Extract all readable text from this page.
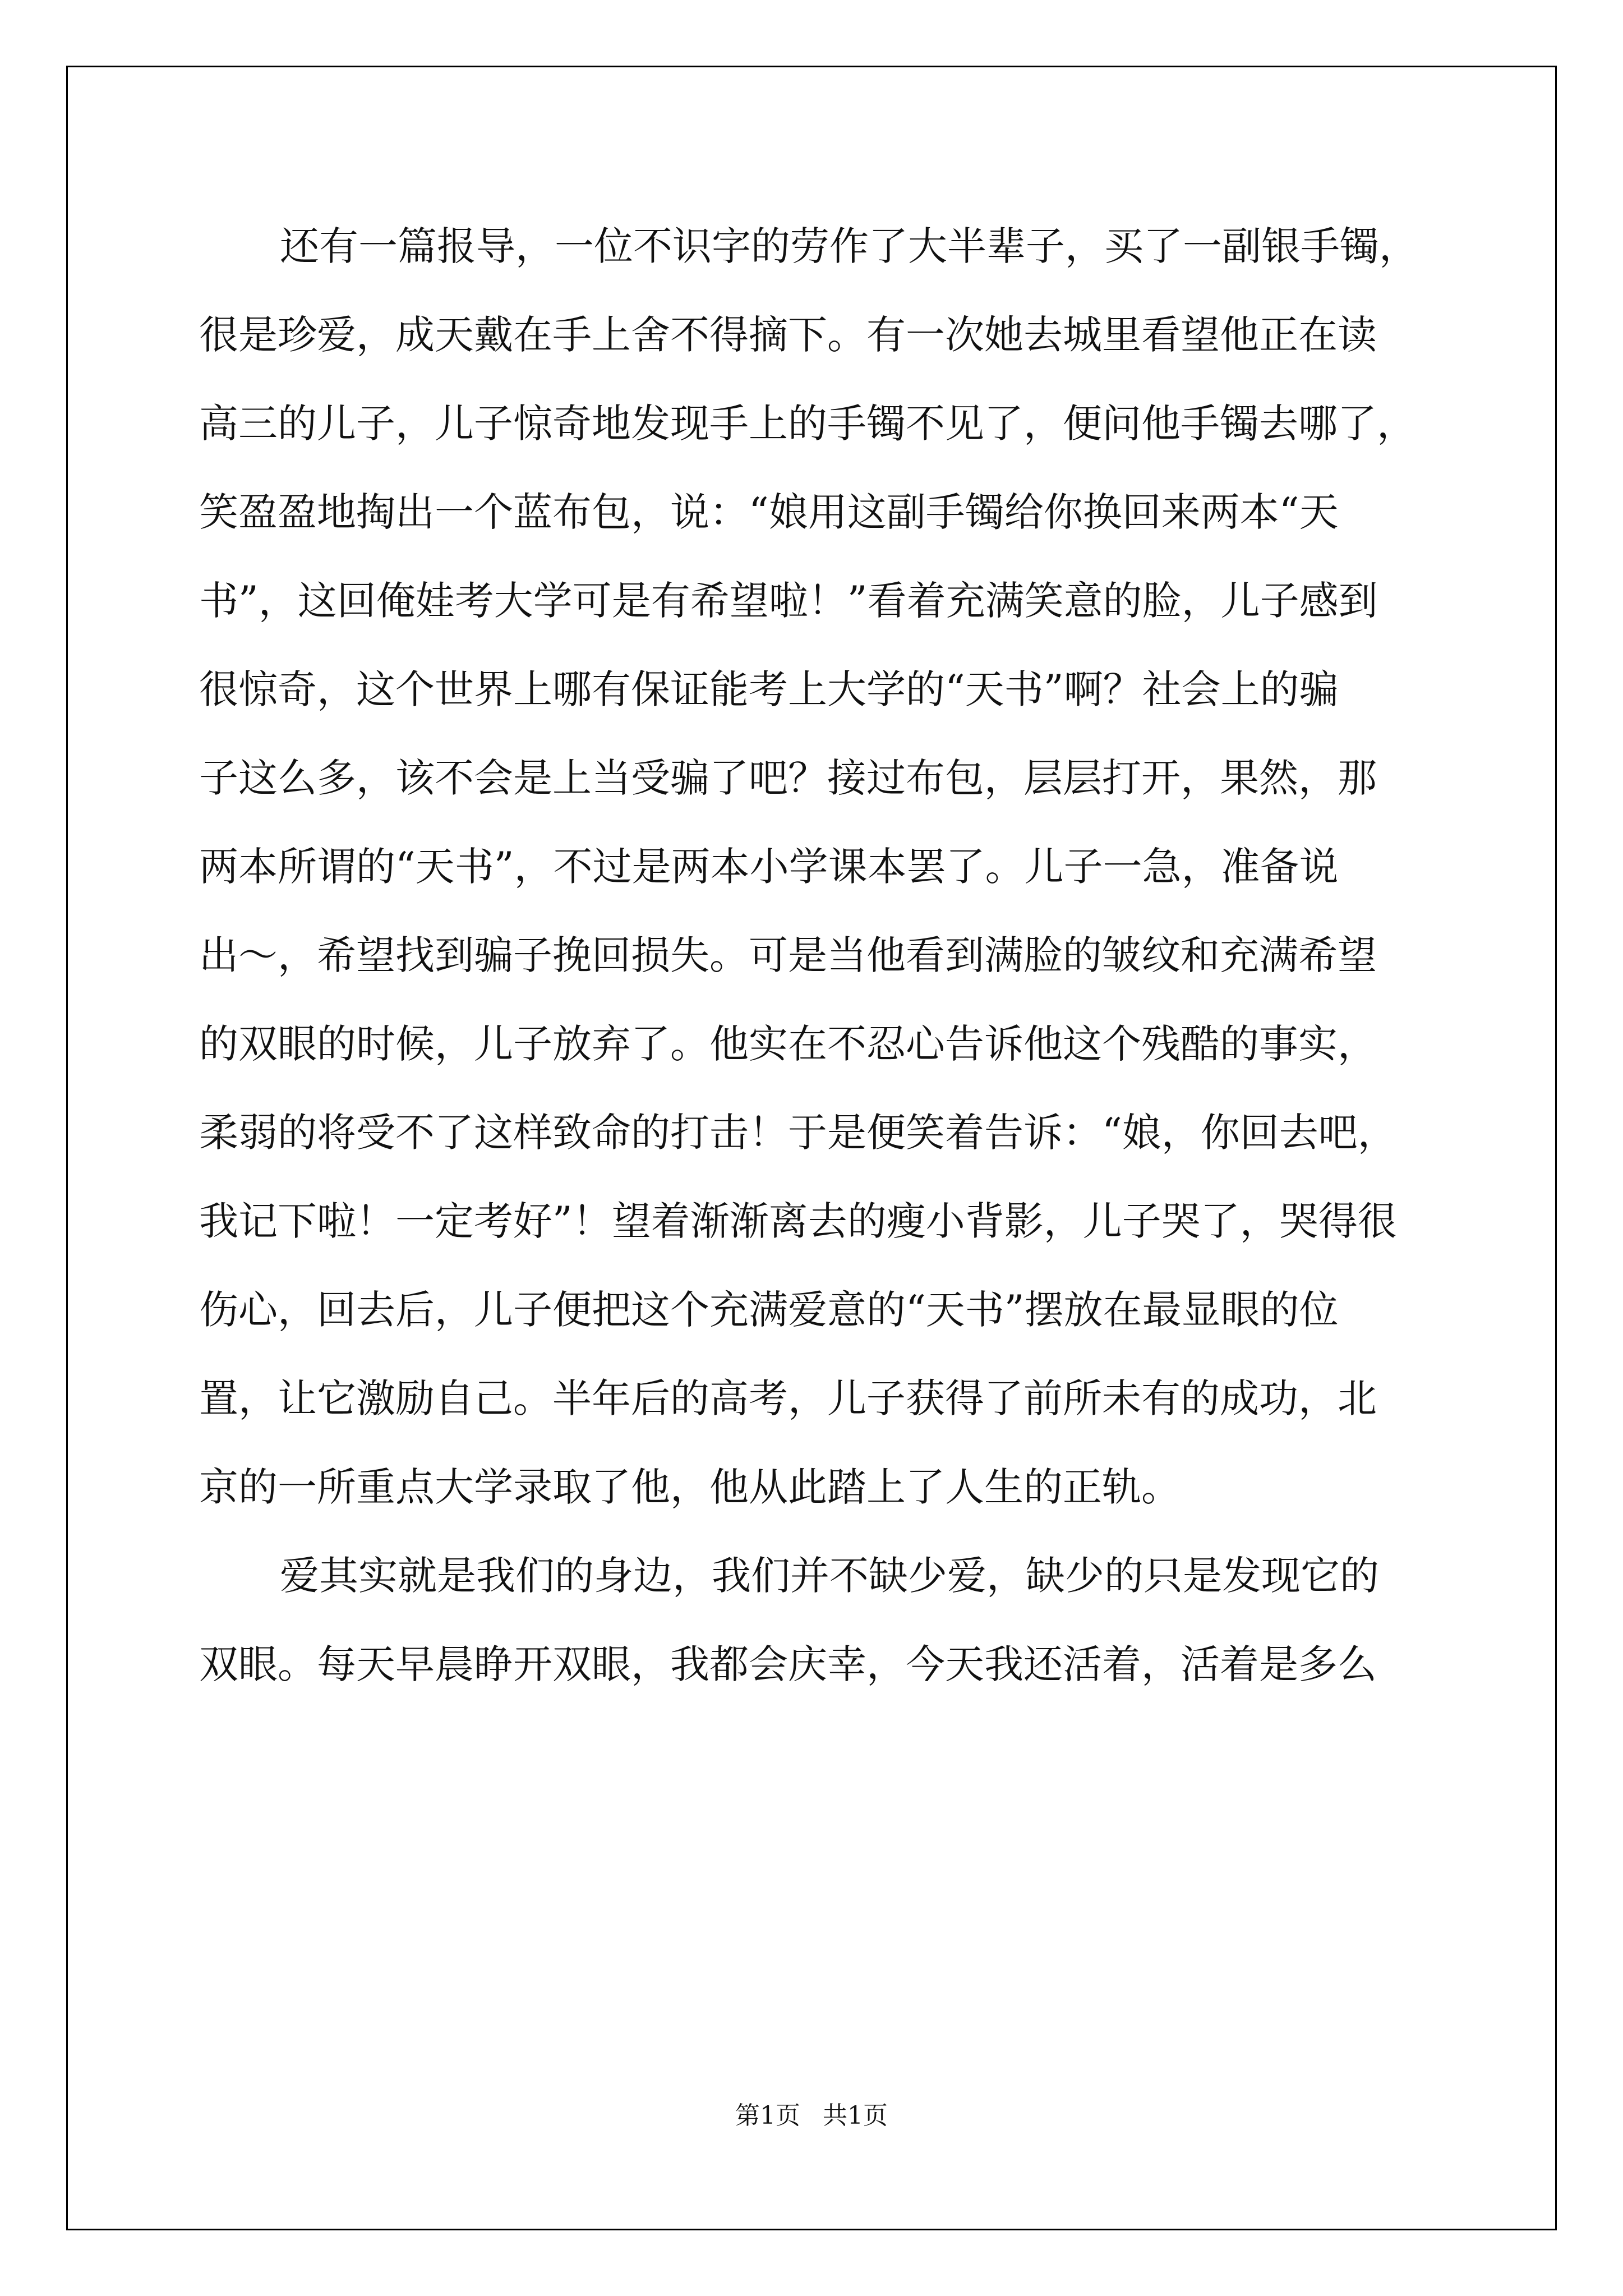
还有一篇报导，一位不识字的劳作了大半辈子，买了一副银手镯，
很是珍爱，成天戴在手上舍不得摘下。有一次她去城里看望他正在读
高三的儿子，儿子惊奇地发现手上的手镯不见了，便问他手镯去哪了，
笑盈盈地掏出一个蓝布包，说：“娘用这副手镯给你换回来两本“天
书”，这回俺娃考大学可是有希望啦！”看着充满笑意的脸，儿子感到
很惊奇，这个世界上哪有保证能考上大学的“天书”啊？社会上的骗
子这么多，该不会是上当受骗了吧？接过布包，层层打开，果然，那
两本所谓的“天书”，不过是两本小学课本罢了。儿子一急，准备说
出～，希望找到骗子挽回损失。可是当他看到满脸的皱纹和充满希望
的双眼的时候，儿子放弃了。他实在不忍心告诉他这个残酷的事实，
柔弱的将受不了这样致命的打击！于是便笑着告诉：“娘，你回去吧，
我记下啦！一定考好”！望着渐渐离去的瘦小背影，儿子哭了，哭得很
伤心，回去后，儿子便把这个充满爱意的“天书”摆放在最显眼的位
置，让它激励自己。半年后的高考，儿子获得了前所未有的成功，北
京的一所重点大学录取了他，他从此踏上了人生的正轨。
爱其实就是我们的身边，我们并不缺少爱，缺少的只是发现它的
双眼。每天早晨睁开双眼，我都会庆幸，今天我还活着，活着是多么
第1页 共1页
